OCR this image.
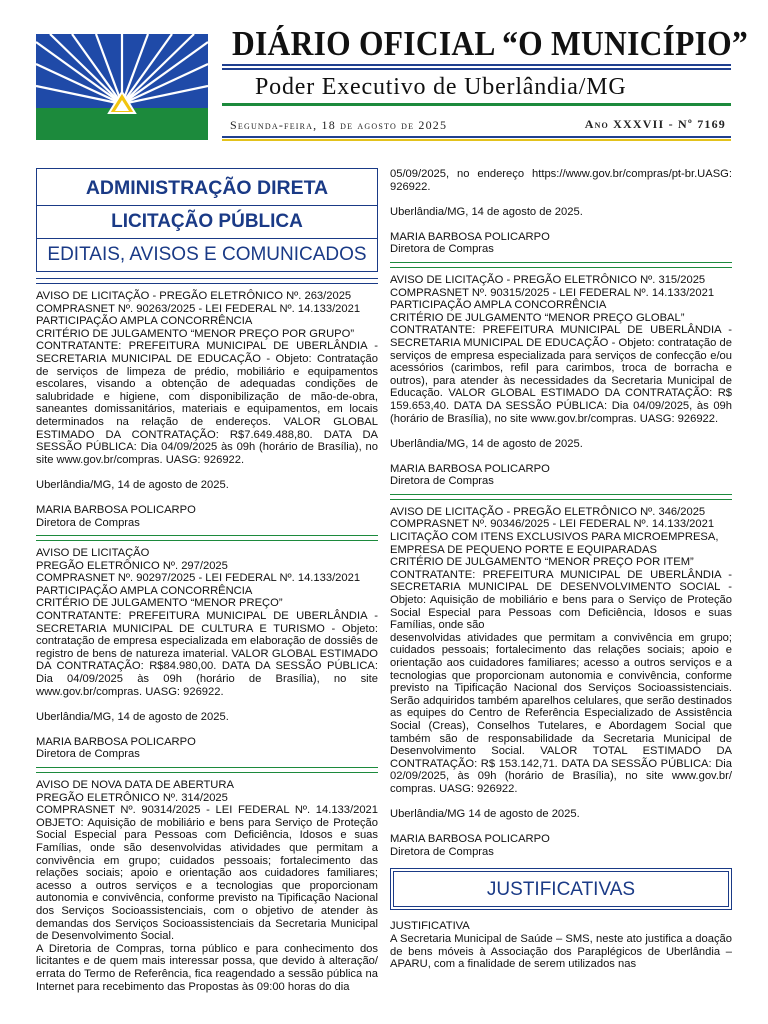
DIÁRIO OFICIAL “O MUNICÍPIO”
Poder Executivo de Uberlândia/MG
Segunda-feira, 18 de agosto de 2025	Ano XXXVII - Nº 7169
ADMINISTRAÇÃO DIRETA
LICITAÇÃO PÚBLICA
EDITAIS, AVISOS E COMUNICADOS

AVISO DE LICITAÇÃO - PREGÃO ELETRÔNICO Nº. 263/2025

COMPRASNET Nº. 90263/2025 - LEI FEDERAL Nº. 14.133/2021

PARTICIPAÇÃO AMPLA CONCORRÊNCIA

CRITÉRIO DE JULGAMENTO “MENOR PREÇO POR GRUPO”

CONTRATANTE: PREFEITURA MUNICIPAL DE UBERLÂNDIA - SECRETARIA MUNICIPAL DE EDUCAÇÃO - Objeto: Contratação de serviços de limpeza de prédio, mobiliário e equipamentos escolares, visando a obtenção de adequadas condições de salubridade e higiene, com disponibilização de mão-de-obra, saneantes domissanitários, materiais e equipamentos, em locais determinados na relação de endereços. VALOR GLOBAL ESTIMADO DA CONTRATAÇÃO: R$7.649.488,80. DATA DA SESSÃO PÚBLICA: Dia 04/09/2025 às 09h (horário de Brasília), no site www.gov.br/compras. UASG: 926922.

Uberlândia/MG, 14 de agosto de 2025.

MARIA BARBOSA POLICARPO

Diretora de Compras

AVISO DE LICITAÇÃO

PREGÃO ELETRÔNICO Nº. 297/2025

COMPRASNET Nº. 90297/2025 - LEI FEDERAL Nº. 14.133/2021

PARTICIPAÇÃO AMPLA CONCORRÊNCIA

CRITÉRIO DE JULGAMENTO “MENOR PREÇO”

CONTRATANTE: PREFEITURA MUNICIPAL DE UBERLÂNDIA - SECRETARIA MUNICIPAL DE CULTURA E TURISMO - Objeto: contratação de empresa especializada em elaboração de dossiês de registro de bens de natureza imaterial. VALOR GLOBAL ESTIMADO DA CONTRATAÇÃO: R$84.980,00. DATA DA SESSÃO PÚBLICA: Dia 04/09/2025 às 09h (horário de Brasília), no site www.gov.br/compras. UASG: 926922.

Uberlândia/MG, 14 de agosto de 2025.

MARIA BARBOSA POLICARPO

Diretora de Compras

AVISO DE NOVA DATA DE ABERTURA

PREGÃO ELETRÔNICO Nº. 314/2025

COMPRASNET Nº. 90314/2025 - LEI FEDERAL Nº. 14.133/2021 OBJETO: Aquisição de mobiliário e bens para Serviço de Proteção Social Especial para Pessoas com Deficiência, Idosos e suas Famílias, onde são desenvolvidas atividades que permitam a convivência em grupo; cuidados pessoais; fortalecimento das relações sociais; apoio e orientação aos cuidadores familiares; acesso a outros serviços e a tecnologias que proporcionam autonomia e convivência, conforme previsto na Tipificação Nacional dos Serviços Socioassistenciais, com o objetivo de atender às demandas dos Serviços Socioassistenciais da Secretaria Municipal de Desenvolvimento Social.

A Diretoria de Compras, torna público e para conhecimento dos licitantes e de quem mais interessar possa, que devido à alteração/ errata do Termo de Referência, fica reagendado a sessão pública na Internet para recebimento das Propostas às 09:00 horas do dia

05/09/2025, no endereço https://www.gov.br/compras/pt-br.UASG: 926922.

Uberlândia/MG, 14 de agosto de 2025.

MARIA BARBOSA POLICARPO

Diretora de Compras

AVISO DE LICITAÇÃO - PREGÃO ELETRÔNICO Nº. 315/2025

COMPRASNET Nº. 90315/2025 - LEI FEDERAL Nº. 14.133/2021

PARTICIPAÇÃO AMPLA CONCORRÊNCIA

CRITÉRIO DE JULGAMENTO “MENOR PREÇO GLOBAL”

CONTRATANTE: PREFEITURA MUNICIPAL DE UBERLÂNDIA - SECRETARIA MUNICIPAL DE EDUCAÇÃO - Objeto: contratação de serviços de empresa especializada para serviços de confecção e/ou acessórios (carimbos, refil para carimbos, troca de borracha e outros), para atender às necessidades da Secretaria Municipal de Educação. VALOR GLOBAL ESTIMADO DA CONTRATAÇÃO: R$ 159.653,40. DATA DA SESSÃO PÚBLICA: Dia 04/09/2025, às 09h (horário de Brasília), no site www.gov.br/compras. UASG: 926922.

Uberlândia/MG, 14 de agosto de 2025.

MARIA BARBOSA POLICARPO

Diretora de Compras

AVISO DE LICITAÇÃO - PREGÃO ELETRÔNICO Nº. 346/2025

COMPRASNET Nº. 90346/2025 - LEI FEDERAL Nº. 14.133/2021

LICITAÇÃO COM ITENS EXCLUSIVOS PARA MICROEMPRESA, EMPRESA DE PEQUENO PORTE E EQUIPARADAS

CRITÉRIO DE JULGAMENTO “MENOR PREÇO POR ITEM”

CONTRATANTE: PREFEITURA MUNICIPAL DE UBERLÂNDIA - SECRETARIA MUNICIPAL DE DESENVOLVIMENTO SOCIAL - Objeto: Aquisição de mobiliário e bens para o Serviço de Proteção Social Especial para Pessoas com Deficiência, Idosos e suas Famílias, onde são

desenvolvidas atividades que permitam a convivência em grupo; cuidados pessoais; fortalecimento das relações sociais; apoio e orientação aos cuidadores familiares; acesso a outros serviços e a tecnologias que proporcionam autonomia e convivência, conforme previsto na Tipificação Nacional dos Serviços Socioassistenciais. Serão adquiridos também aparelhos celulares, que serão destinados as equipes do Centro de Referência Especializado de Assistência Social (Creas), Conselhos Tutelares, e Abordagem Social que também são de responsabilidade da Secretaria Municipal de Desenvolvimento Social. VALOR TOTAL ESTIMADO DA CONTRATAÇÃO: R$ 153.142,71. DATA DA SESSÃO PÚBLICA: Dia 02/09/2025, às 09h (horário de Brasília), no site www.gov.br/ compras. UASG: 926922.

Uberlândia/MG 14 de agosto de 2025.

MARIA BARBOSA POLICARPO

Diretora de Compras

JUSTIFICATIVAS

JUSTIFICATIVA

A Secretaria Municipal de Saúde – SMS, neste ato justifica a doação de bens móveis à Associação dos Paraplégicos de Uberlândia – APARU, com a finalidade de serem utilizados nas
